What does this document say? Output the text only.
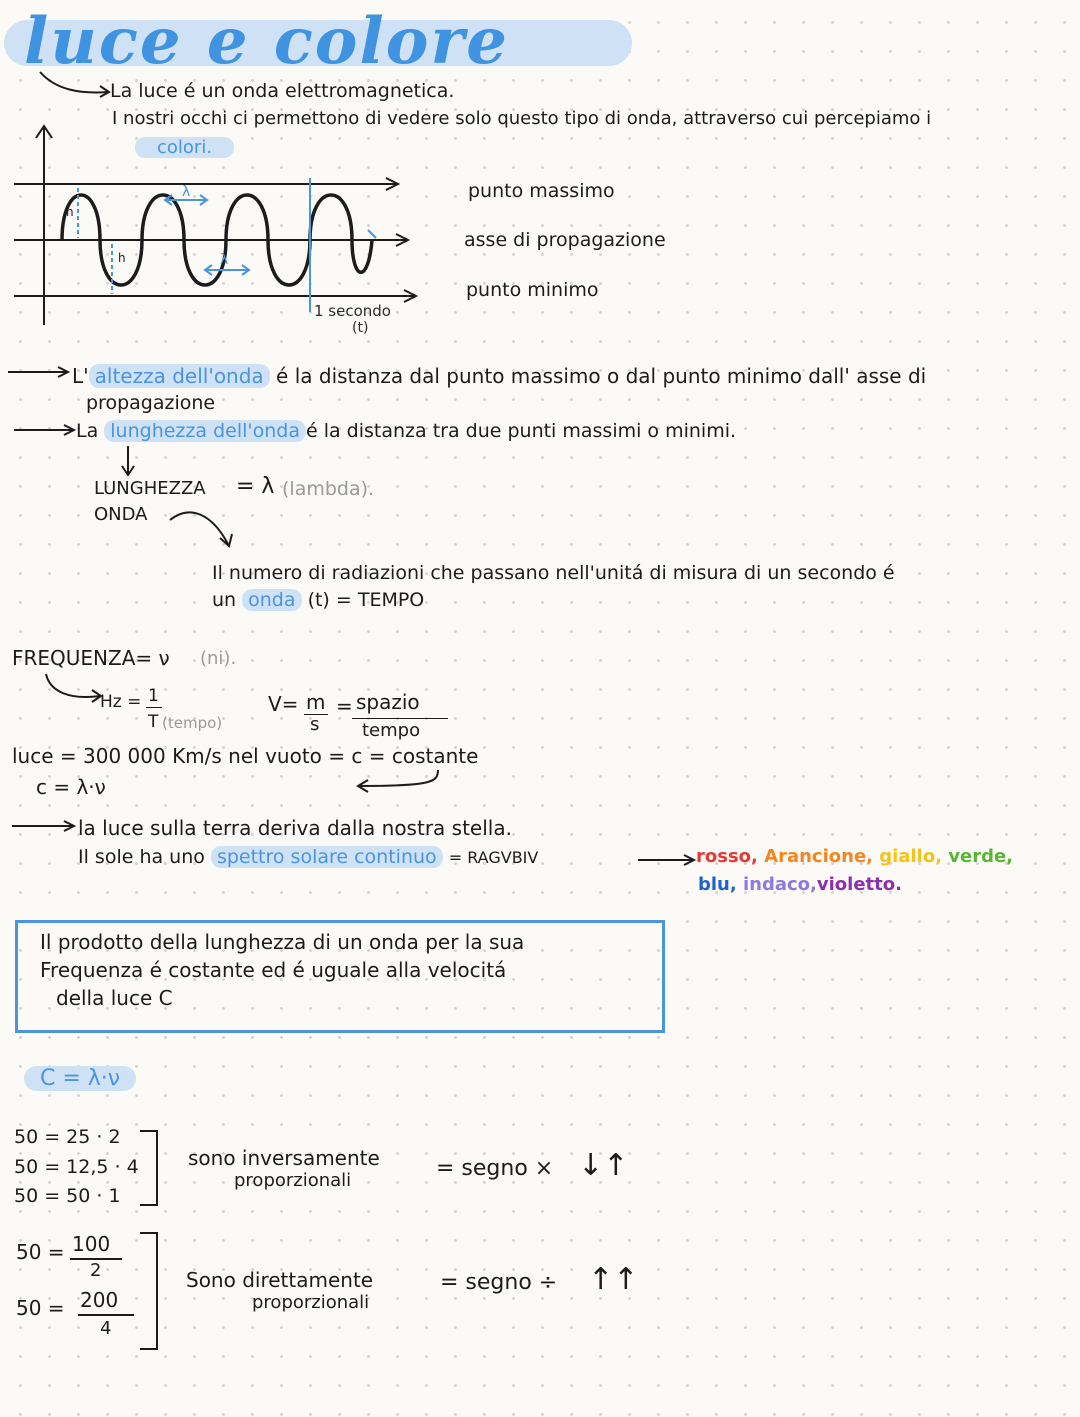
luce e colore
La luce é un onda elettromagnetica.
I nostri occhi ci permettono di vedere solo questo tipo di onda, attraverso cui percepiamo i
colori.
h
h
λ
λ
punto massimo
asse di propagazione
punto minimo
1 secondo
(t)
L' altezza dell'onda é la distanza dal punto massimo o dal punto minimo dall' asse di
propagazione
La lunghezza dell'onda é la distanza tra due punti massimi o minimi.
LUNGHEZZA
ONDA
= λ (lambda).
Il numero di radiazioni che passano nell'unitá di misura di un secondo é
un onda (t) = TEMPO
FREQUENZA= ν (ni).
Hz = 1
T (tempo)
V= m
s
= spazio
tempo
luce = 300 000 Km/s nel vuoto = c = costante
c = λ·ν
la luce sulla terra deriva dalla nostra stella.
Il sole ha uno spettro solare continuo = RAGVBIV	rosso, Arancione, giallo, verde,
blu, indaco,violetto.
Il prodotto della lunghezza di un onda per la sua
Frequenza é costante ed é uguale alla velocitá
della luce C
C = λ·ν
50 = 25 · 2
50 = 12,5 · 4
50 = 50 · 1
sono inversamente
proporzionali	= segno × ↓↑
50 = 100
2
50 = 200
4
Sono direttamente
proporzionali
= segno ÷ ↑↑
